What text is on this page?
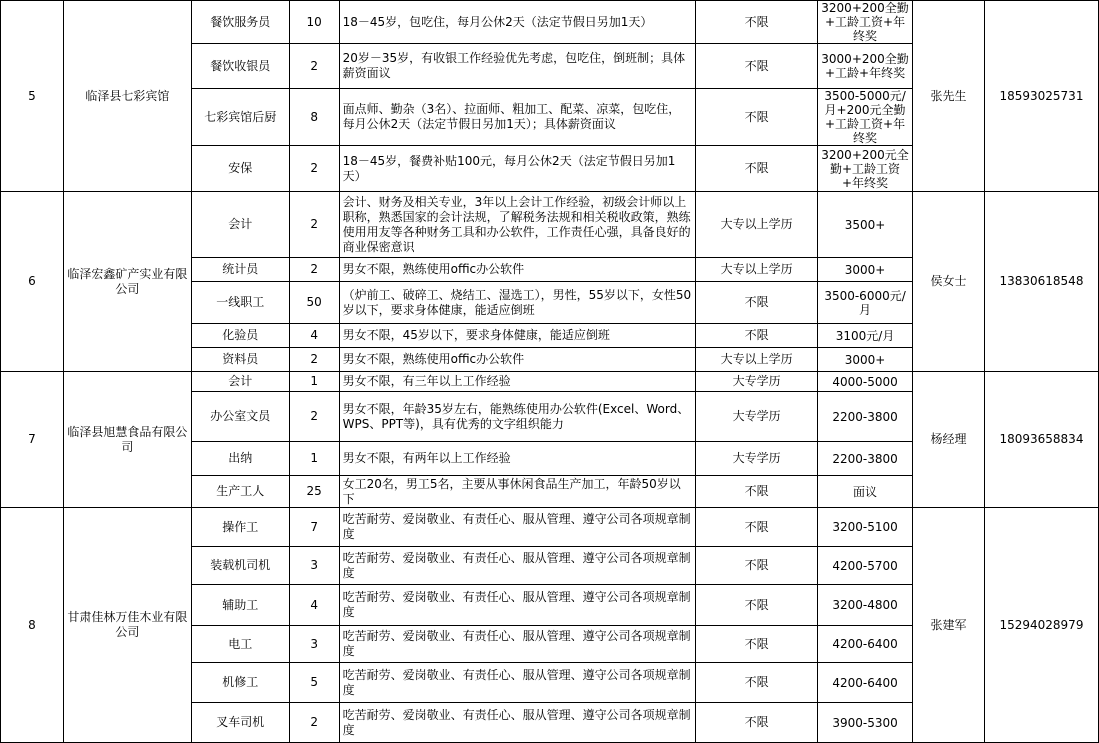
5	临泽县七彩宾馆	餐饮服务员	10	18－45岁，包吃住，每月公休2天（法定节假日另加1天）	不限	3200+200全勤+工龄工资+年终奖	张先生	18593025731
		餐饮收银员	2	20岁－35岁，有收银工作经验优先考虑，包吃住，倒班制；具体薪资面议	不限	3000+200全勤+工龄+年终奖		
		七彩宾馆后厨	8	面点师、勤杂（3名）、拉面师、粗加工、配菜、凉菜，包吃住，每月公休2天（法定节假日另加1天）；具体薪资面议	不限	3500-5000元/月+200元全勤+工龄工资+年终奖		
		安保	2	18－45岁，餐费补贴100元，每月公休2天（法定节假日另加1天）	不限	3200+200元全勤+工龄工资+年终奖		
6	临泽宏鑫矿产实业有限公司	会计	2	会计、财务及相关专业，3年以上会计工作经验，初级会计师以上职称，熟悉国家的会计法规，了解税务法规和相关税收政策，熟练使用用友等各种财务工具和办公软件，工作责任心强，具备良好的商业保密意识	大专以上学历	3500+	侯女士	13830618548
		统计员	2	男女不限，熟练使用offic办公软件	大专以上学历	3000+		
		一线职工	50	（炉前工、破碎工、烧结工、湿选工），男性，55岁以下，女性50岁以下，要求身体健康，能适应倒班	不限	3500-6000元/月		
		化验员	4	男女不限，45岁以下，要求身体健康，能适应倒班	不限	3100元/月		
		资料员	2	男女不限，熟练使用offic办公软件	大专以上学历	3000+		
7	临泽县旭慧食品有限公司	会计	1	男女不限，有三年以上工作经验	大专学历	4000-5000	杨经理	18093658834
		办公室文员	2	男女不限，年龄35岁左右，能熟练使用办公软件(Excel、Word、WPS、PPT等)，具有优秀的文字组织能力	大专学历	2200-3800		
		出纳	1	男女不限，有两年以上工作经验	大专学历	2200-3800		
		生产工人	25	女工20名，男工5名，主要从事休闲食品生产加工，年龄50岁以下	不限	面议		
8	甘肃佳林万佳木业有限公司	操作工	7	吃苦耐劳、爱岗敬业、有责任心、服从管理、遵守公司各项规章制度	不限	3200-5100	张建军	15294028979
		装载机司机	3	吃苦耐劳、爱岗敬业、有责任心、服从管理、遵守公司各项规章制度	不限	4200-5700		
		辅助工	4	吃苦耐劳、爱岗敬业、有责任心、服从管理、遵守公司各项规章制度	不限	3200-4800		
		电工	3	吃苦耐劳、爱岗敬业、有责任心、服从管理、遵守公司各项规章制度	不限	4200-6400		
		机修工	5	吃苦耐劳、爱岗敬业、有责任心、服从管理、遵守公司各项规章制度	不限	4200-6400		
		叉车司机	2	吃苦耐劳、爱岗敬业、有责任心、服从管理、遵守公司各项规章制度	不限	3900-5300		
